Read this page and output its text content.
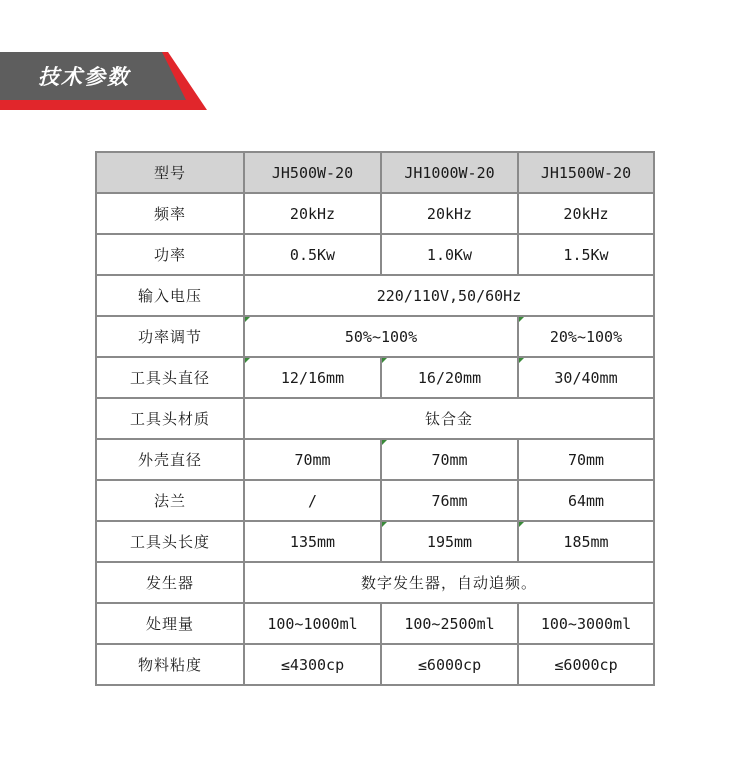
技术参数
型号	JH500W-20	JH1000W-20	JH1500W-20
频率	20kHz	20kHz	20kHz
功率	0.5Kw	1.0Kw	1.5Kw
输入电压	220/110V,50/60Hz		
功率调节	50%~100%		20%~100%
工具头直径	12/16mm	16/20mm	30/40mm
工具头材质	钛合金		
外壳直径	70mm	70mm	70mm
法兰	/	76mm	64mm
工具头长度	135mm	195mm	185mm
发生器	数字发生器，自动追频。		
处理量	100~1000ml	100~2500ml	100~3000ml
物料粘度	≤4300cp	≤6000cp	≤6000cp
